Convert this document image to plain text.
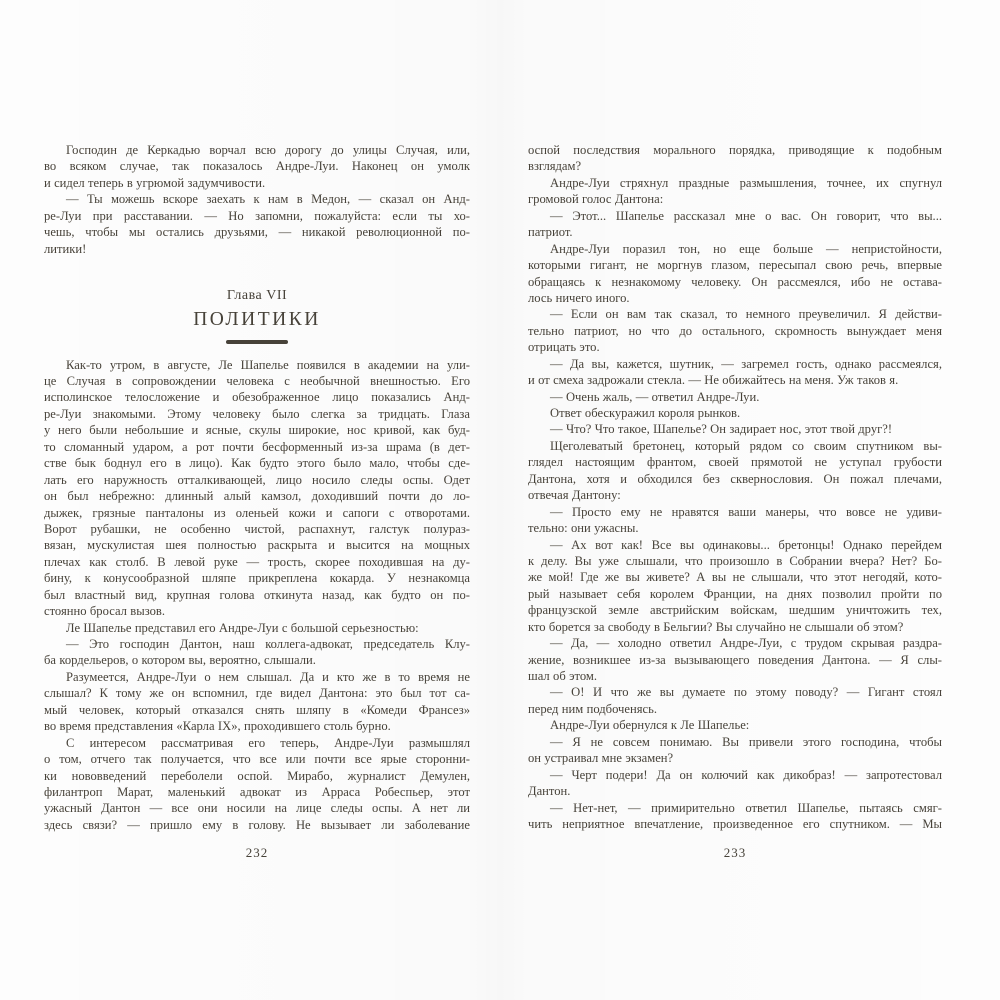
Господин де Керкадью ворчал всю дорогу до улицы Случая, или,
во всяком случае, так показалось Андре-Луи. Наконец он умолк
и сидел теперь в угрюмой задумчивости.
— Ты можешь вскоре заехать к нам в Медон, — сказал он Анд-
ре-Луи при расставании. — Но запомни, пожалуйста: если ты хо-
чешь, чтобы мы остались друзьями, — никакой революционной по-
литики!
Глава VII
ПОЛИТИКИ
Как-то утром, в августе, Ле Шапелье появился в академии на ули-
це Случая в сопровождении человека с необычной внешностью. Его
исполинское телосложение и обезображенное лицо показались Анд-
ре-Луи знакомыми. Этому человеку было слегка за тридцать. Глаза
у него были небольшие и ясные, скулы широкие, нос кривой, как буд-
то сломанный ударом, а рот почти бесформенный из-за шрама (в дет-
стве бык боднул его в лицо). Как будто этого было мало, чтобы сде-
лать его наружность отталкивающей, лицо носило следы оспы. Одет
он был небрежно: длинный алый камзол, доходивший почти до ло-
дыжек, грязные панталоны из оленьей кожи и сапоги с отворотами.
Ворот рубашки, не особенно чистой, распахнут, галстук полураз-
вязан, мускулистая шея полностью раскрыта и высится на мощных
плечах как столб. В левой руке — трость, скорее походившая на ду-
бину, к конусообразной шляпе прикреплена кокарда. У незнакомца
был властный вид, крупная голова откинута назад, как будто он по-
стоянно бросал вызов.
Ле Шапелье представил его Андре-Луи с большой серьезностью:
— Это господин Дантон, наш коллега-адвокат, председатель Клу-
ба кордельеров, о котором вы, вероятно, слышали.
Разумеется, Андре-Луи о нем слышал. Да и кто же в то время не
слышал? К тому же он вспомнил, где видел Дантона: это был тот са-
мый человек, который отказался снять шляпу в «Комеди Франсез»
во время представления «Карла IX», проходившего столь бурно.
С интересом рассматривая его теперь, Андре-Луи размышлял
о том, отчего так получается, что все или почти все ярые сторонни-
ки нововведений переболели оспой. Мирабо, журналист Демулен,
филантроп Марат, маленький адвокат из Арраса Робеспьер, этот
ужасный Дантон — все они носили на лице следы оспы. А нет ли
здесь связи? — пришло ему в голову. Не вызывает ли заболевание
оспой последствия морального порядка, приводящие к подобным
взглядам?
Андре-Луи стряхнул праздные размышления, точнее, их спугнул
громовой голос Дантона:
— Этот... Шапелье рассказал мне о вас. Он говорит, что вы...
патриот.
Андре-Луи поразил тон, но еще больше — непристойности,
которыми гигант, не моргнув глазом, пересыпал свою речь, впервые
обращаясь к незнакомому человеку. Он рассмеялся, ибо не остава-
лось ничего иного.
— Если он вам так сказал, то немного преувеличил. Я действи-
тельно патриот, но что до остального, скромность вынуждает меня
отрицать это.
— Да вы, кажется, шутник, — загремел гость, однако рассмеялся,
и от смеха задрожали стекла. — Не обижайтесь на меня. Уж таков я.
— Очень жаль, — ответил Андре-Луи.
Ответ обескуражил короля рынков.
— Что? Что такое, Шапелье? Он задирает нос, этот твой друг?!
Щеголеватый бретонец, который рядом со своим спутником вы-
глядел настоящим франтом, своей прямотой не уступал грубости
Дантона, хотя и обходился без сквернословия. Он пожал плечами,
отвечая Дантону:
— Просто ему не нравятся ваши манеры, что вовсе не удиви-
тельно: они ужасны.
— Ах вот как! Все вы одинаковы... бретонцы! Однако перейдем
к делу. Вы уже слышали, что произошло в Собрании вчера? Нет? Бо-
же мой! Где же вы живете? А вы не слышали, что этот негодяй, кото-
рый называет себя королем Франции, на днях позволил пройти по
французской земле австрийским войскам, шедшим уничтожить тех,
кто борется за свободу в Бельгии? Вы случайно не слышали об этом?
— Да, — холодно ответил Андре-Луи, с трудом скрывая раздра-
жение, возникшее из-за вызывающего поведения Дантона. — Я слы-
шал об этом.
— О! И что же вы думаете по этому поводу? — Гигант стоял
перед ним подбоченясь.
Андре-Луи обернулся к Ле Шапелье:
— Я не совсем понимаю. Вы привели этого господина, чтобы
он устраивал мне экзамен?
— Черт подери! Да он колючий как дикобраз! — запротестовал
Дантон.
— Нет-нет, — примирительно ответил Шапелье, пытаясь смяг-
чить неприятное впечатление, произведенное его спутником. — Мы
232	233
